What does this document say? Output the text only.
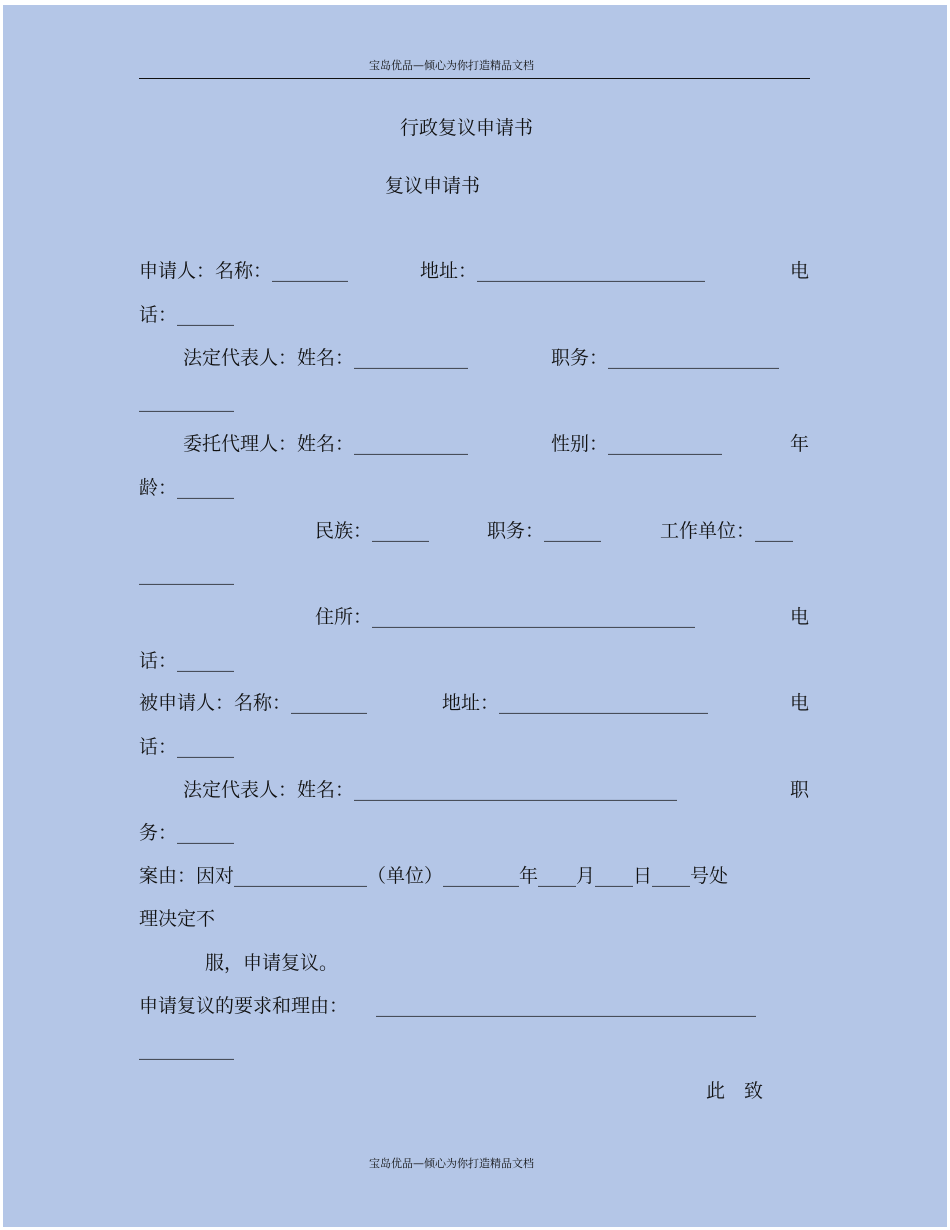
宝岛优品—倾心为你打造精品文档
行政复议申请书
复议申请书
申请人：名称：________	地址：________________________	电
话：______
法定代表人：姓名：____________	职务：__________________
__________
委托代理人：姓名：____________	性别：____________	年
龄：______
民族：______	职务：______	工作单位：____
__________
住所：__________________________________	电
话：______
被申请人：名称：________	地址：______________________	电
话：______
法定代表人：姓名：__________________________________	职
务：______
案由：因对______________（单位）________年____月____日____号处
理决定不
服，申请复议。
申请复议的要求和理由： ________________________________________
__________
此　致
宝岛优品—倾心为你打造精品文档
